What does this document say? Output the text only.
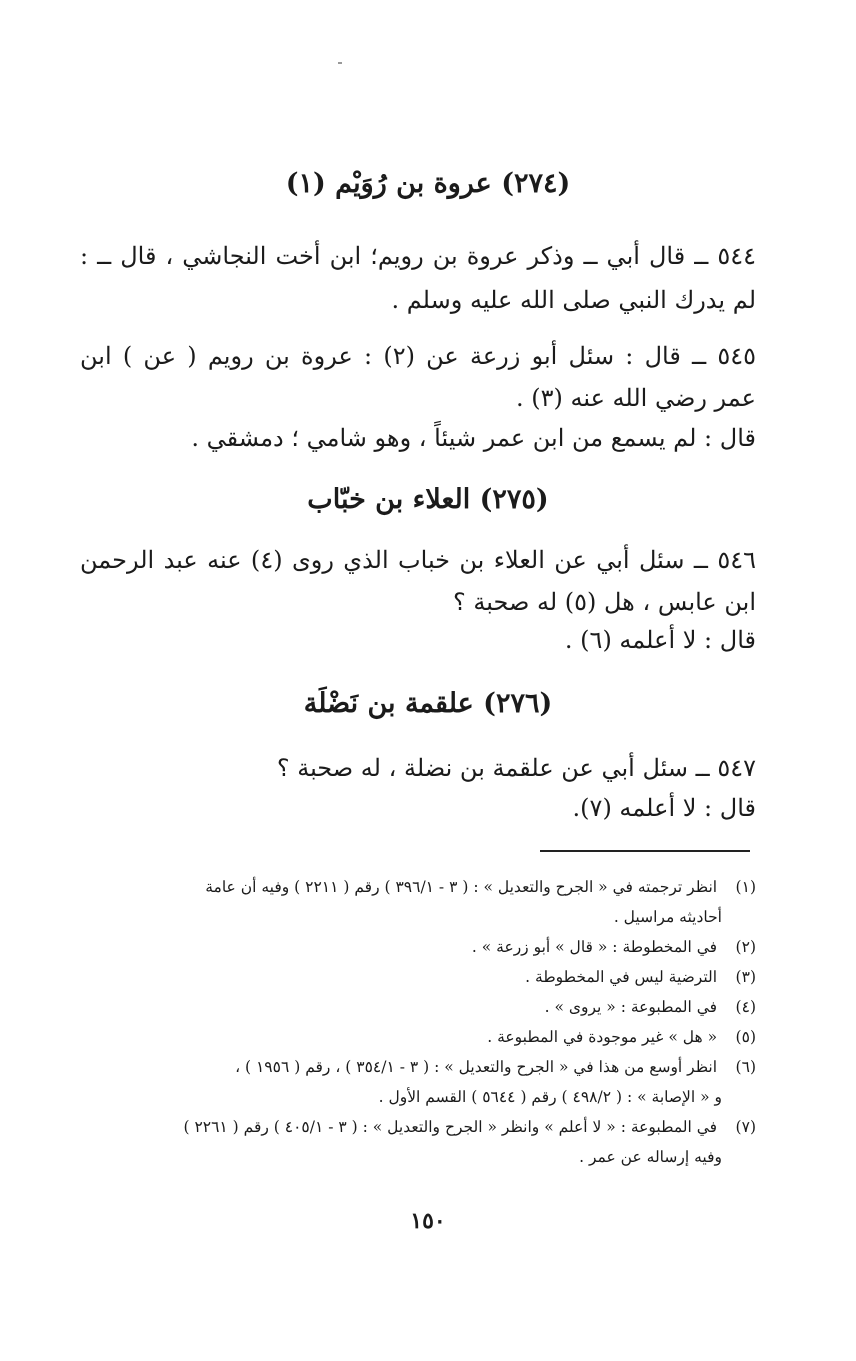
(٢٧٤) عروة بن رُوَيْم (١)
٥٤٤ ــ قال أبي ــ وذكر عروة بن رويم؛ ابن أخت النجاشي ، قال ــ :
لم يدرك النبي صلى الله عليه وسلم .
٥٤٥ ــ قال : سئل أبو زرعة عن (٢) : عروة بن رويم ( عن ) ابن
عمر رضي الله عنه (٣) .
قال : لم يسمع من ابن عمر شيئاً ، وهو شامي ؛ دمشقي .
(٢٧٥) العلاء بن خبّاب
٥٤٦ ــ سئل أبي عن العلاء بن خباب الذي روى (٤) عنه عبد الرحمن
ابن عابس ، هل (٥) له صحبة ؟
قال : لا أعلمه (٦) .
(٢٧٦) علقمة بن نَضْلَة
٥٤٧ ــ سئل أبي عن علقمة بن نضلة ، له صحبة ؟
قال : لا أعلمه (٧).
(١) انظر ترجمته في « الجرح والتعديل » : ( ٣ - ٣٩٦/١ ) رقم ( ٢٢١١ ) وفيه أن عامة
أحاديثه مراسيل .
(٢) في المخطوطة : « قال » أبو زرعة » .
(٣) الترضية ليس في المخطوطة .
(٤) في المطبوعة : « يروى » .
(٥) « هل » غير موجودة في المطبوعة .
(٦) انظر أوسع من هذا في « الجرح والتعديل » : ( ٣ - ٣٥٤/١ ) ، رقم ( ١٩٥٦ ) ،
و « الإصابة » : ( ٤٩٨/٢ ) رقم ( ٥٦٤٤ ) القسم الأول .
(٧) في المطبوعة : « لا أعلم » وانظر « الجرح والتعديل » : ( ٣ - ٤٠٥/١ ) رقم ( ٢٢٦١ )
وفيه إرساله عن عمر .
١٥٠
